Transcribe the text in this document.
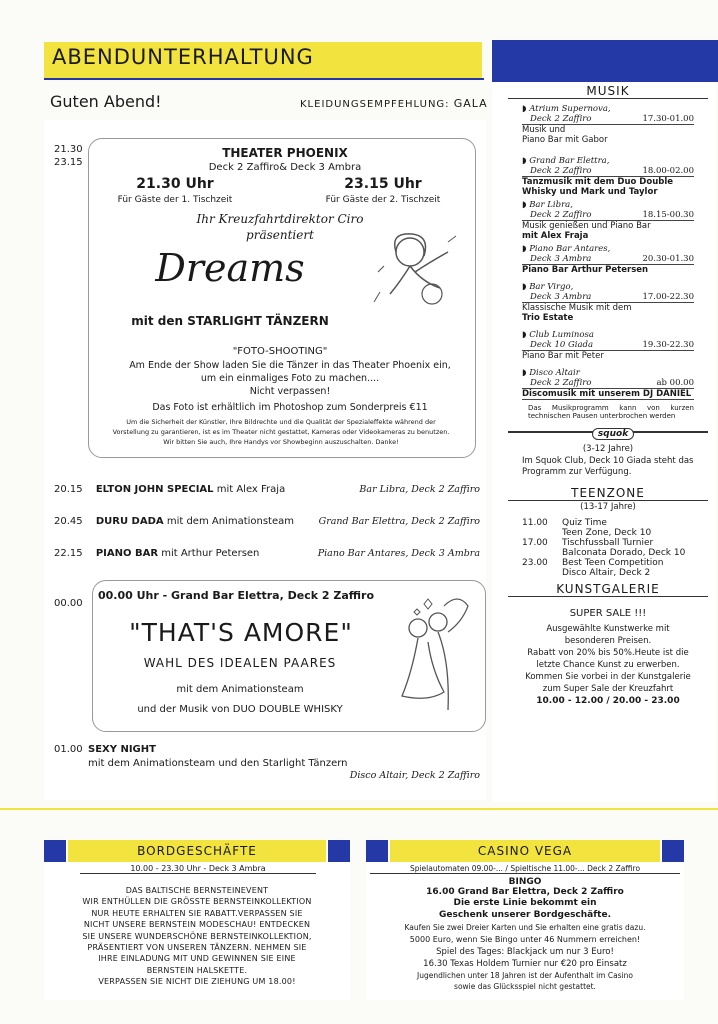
ABENDUNTERHALTUNG
Guten Abend!	KLEIDUNGSEMPFEHLUNG: GALA
21.30
23.15
THEATER PHOENIX
Deck 2 Zaffiro& Deck 3 Ambra
21.30 Uhr
Für Gäste der 1. Tischzeit
23.15 Uhr
Für Gäste der 2. Tischzeit
Ihr Kreuzfahrtdirektor Ciro
präsentiert
Dreams
mit den STARLIGHT TÄNZERN
"FOTO-SHOOTING"
Am Ende der Show laden Sie die Tänzer in das Theater Phoenix ein,
um ein einmaliges Foto zu machen....
Nicht verpassen!
Das Foto ist erhältlich im Photoshop zum Sonderpreis €11
Um die Sicherheit der Künstler, Ihre Bildrechte und die Qualität der Spezialeffekte während der
Vorstellung zu garantieren, ist es im Theater nicht gestattet, Kameras oder Videokameras zu benutzen.
Wir bitten Sie auch, Ihre Handys vor Showbeginn auszuschalten. Danke!
20.15 ELTON JOHN SPECIAL mit Alex Fraja	Bar Libra, Deck 2 Zaffiro
20.45 DURU DADA mit dem Animationsteam	Grand Bar Elettra, Deck 2 Zaffiro
22.15 PIANO BAR mit Arthur Petersen	Piano Bar Antares, Deck 3 Ambra
00.00
00.00 Uhr - Grand Bar Elettra, Deck 2 Zaffiro
"THAT'S AMORE"
WAHL DES IDEALEN PAARES
mit dem Animationsteam
und der Musik von DUO DOUBLE WHISKY
01.00 SEXY NIGHT
mit dem Animationsteam und den Starlight Tänzern
Disco Altair, Deck 2 Zaffiro
MUSIK
◗ Atrium Supernova,
Deck 2 Zaffiro	17.30-01.00
Musik und
Piano Bar mit Gabor
◗ Grand Bar Elettra,
Deck 2 Zaffiro	18.00-02.00
Tanzmusik mit dem Duo Double
Whisky und Mark und Taylor
◗ Bar Libra,
Deck 2 Zaffiro	18.15-00.30
Musik genießen und Piano Bar
mit Alex Fraja
◗ Piano Bar Antares,
Deck 3 Ambra	20.30-01.30
Piano Bar Arthur Petersen
◗ Bar Virgo,
Deck 3 Ambra	17.00-22.30
Klassische Musik mit dem
Trio Estate
◗ Club Luminosa
Deck 10 Giada	19.30-22.30
Piano Bar mit Peter
◗ Disco Altair
Deck 2 Zaffiro	ab 00.00
Discomusik mit unserem DJ DANIEL
Das Musikprogramm kann von kurzen technischen Pausen unterbrochen werden
squok
(3-12 Jahre)
Im Squok Club, Deck 10 Giada steht das
Programm zur Verfügung.
TEENZONE
(13-17 Jahre)
11.00 Quiz Time
Teen Zone, Deck 10
17.00 Tischfussball Turnier
Balconata Dorado, Deck 10
23.00 Best Teen Competition
Disco Altair, Deck 2
KUNSTGALERIE
SUPER SALE !!!
Ausgewählte Kunstwerke mit
besonderen Preisen.
Rabatt von 20% bis 50%.Heute ist die
letzte Chance Kunst zu erwerben.
Kommen Sie vorbei in der Kunstgalerie
zum Super Sale der Kreuzfahrt
10.00 - 12.00 / 20.00 - 23.00
BORDGESCHÄFTE
10.00 - 23.30 Uhr - Deck 3 Ambra
DAS BALTISCHE BERNSTEINEVENT
WIR ENTHÜLLEN DIE GRÖSSTE BERNSTEINKOLLEKTION
NUR HEUTE ERHALTEN SIE RABATT.VERPASSEN SIE
NICHT UNSERE BERNSTEIN MODESCHAU! ENTDECKEN
SIE UNSERE WUNDERSCHÖNE BERNSTEINKOLLEKTION,
PRÄSENTIERT VON UNSEREN TÄNZERN. NEHMEN SIE
IHRE EINLADUNG MIT UND GEWINNEN SIE EINE
BERNSTEIN HALSKETTE.
VERPASSEN SIE NICHT DIE ZIEHUNG UM 18.00!
CASINO VEGA
Spielautomaten 09.00-... / Spieltische 11.00-... Deck 2 Zaffiro
BINGO
16.00 Grand Bar Elettra, Deck 2 Zaffiro
Die erste Linie bekommt ein
Geschenk unserer Bordgeschäfte.
Kaufen Sie zwei Dreier Karten und Sie erhalten eine gratis dazu.
5000 Euro, wenn Sie Bingo unter 46 Nummern erreichen!
Spiel des Tages: Blackjack um nur 3 Euro!
16.30 Texas Holdem Turnier nur €20 pro Einsatz
Jugendlichen unter 18 Jahren ist der Aufenthalt im Casino
sowie das Glücksspiel nicht gestattet.
